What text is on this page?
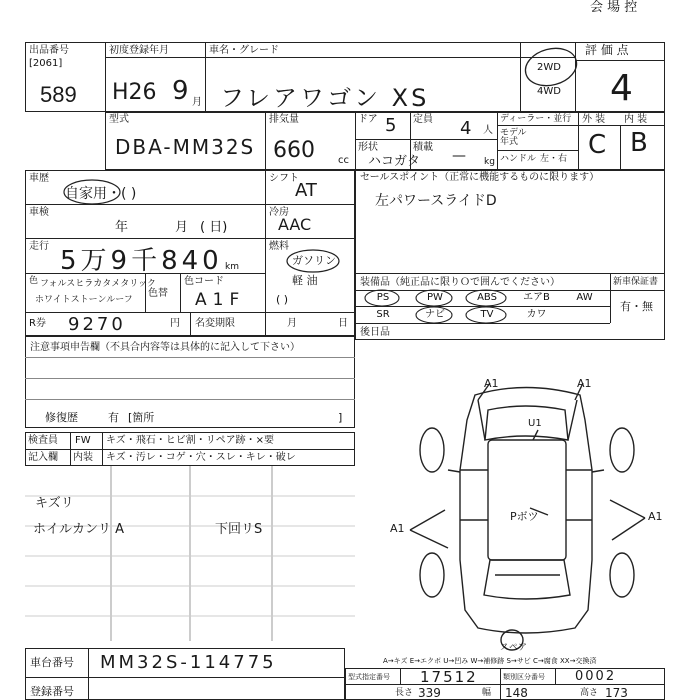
会 場 控
出品番号
[2061]
589
初度登録年月
H26 9 月
車名・グレード
フレアワゴン XS
評 価 点
4
2WD
4WD
型式
DBA-MM32S
排気量
660 cc
ドア 5
形状
ハコガタ
定員 4 人
積載
— kg
ディーラー・並行
モデル年式
ハンドル 左・右
外 装 内 装
C B
車歴
自家用・( )
車検
年	月 ( 日)
走行 5万9千840 km
色 フォルスヒラカタメタリック
ホワイトストーンルーフ
色替
色コード
A1F
R券 9270	円 名変期限	月	日
シフト
AT
冷房
AAC
燃料
ガソリン
軽 油
( )
セールスポイント（正常に機能するものに限ります）
左パワースライドD
装備品（純正品に限りＯで囲んでください）	新車保証書
有・無
PS	PW	ABS	エアB	AW
SR	ナビ	TV	カワ
後日品
注意事項申告欄（不具合内容等は具体的に記入して下さい）
修復歴	有 [箇所	]
検査員
記入欄
FW
内装
キズ・飛石・ヒビ割・リペア跡・×要
キズ・汚レ・コゲ・穴・スレ・キレ・破レ
キズリ
ホイルカンリ A	下回リS
A1	A1
U1
A1
A1
Pボツ
スペア
車台番号 MM32S-114775
登録番号
A→キズ E→エクボ U→凹み W→補修跡 S→サビ C→腐食 XX→交換済
型式指定番号 17512	類別区分番号 0002
長さ 339	幅 148	高さ 173
